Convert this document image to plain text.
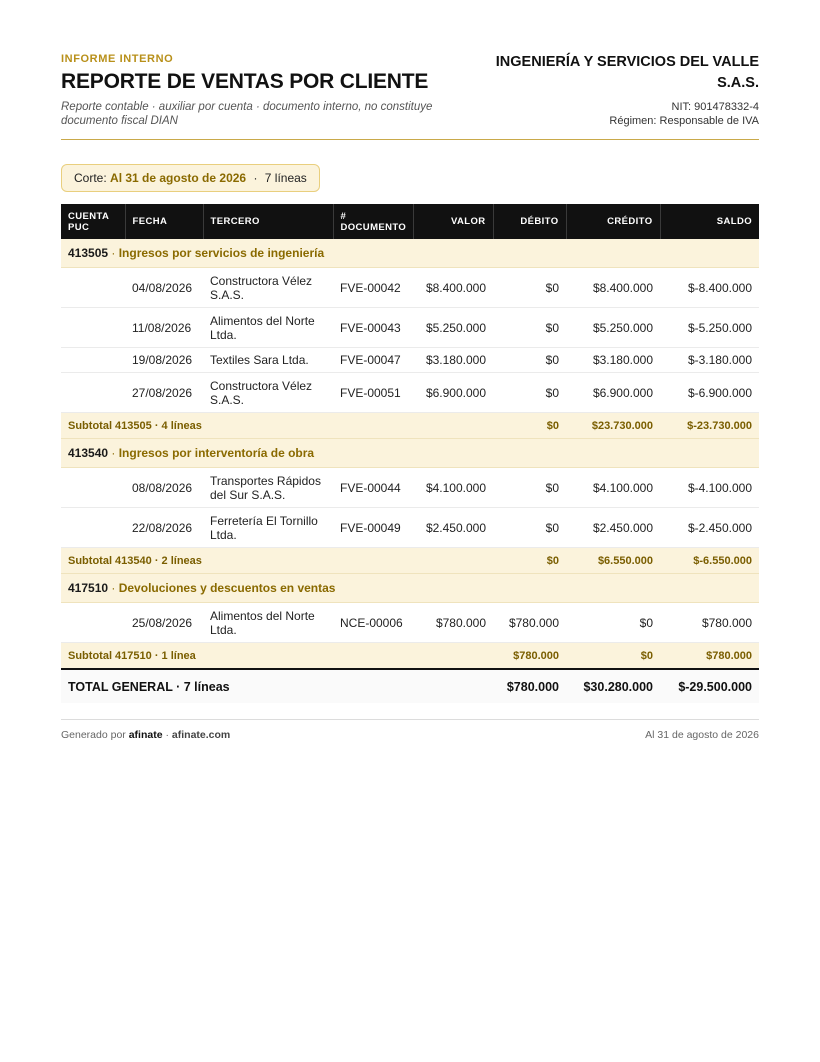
INFORME INTERNO
REPORTE DE VENTAS POR CLIENTE
Reporte contable · auxiliar por cuenta · documento interno, no constituye documento fiscal DIAN
INGENIERÍA Y SERVICIOS DEL VALLE S.A.S.
NIT: 901478332-4
Régimen: Responsable de IVA
Corte: Al 31 de agosto de 2026 · 7 líneas
CUENTA PUC	FECHA	TERCERO	# DOCUMENTO	VALOR	DÉBITO	CRÉDITO	SALDO
413505 · Ingresos por servicios de ingeniería							
	04/08/2026	Constructora Vélez S.A.S.	FVE-00042	$8.400.000	$0	$8.400.000	$-8.400.000
	11/08/2026	Alimentos del Norte Ltda.	FVE-00043	$5.250.000	$0	$5.250.000	$-5.250.000
	19/08/2026	Textiles Sara Ltda.	FVE-00047	$3.180.000	$0	$3.180.000	$-3.180.000
	27/08/2026	Constructora Vélez S.A.S.	FVE-00051	$6.900.000	$0	$6.900.000	$-6.900.000
Subtotal 413505 · 4 líneas					$0	$23.730.000	$-23.730.000
413540 · Ingresos por interventoría de obra							
	08/08/2026	Transportes Rápidos del Sur S.A.S.	FVE-00044	$4.100.000	$0	$4.100.000	$-4.100.000
	22/08/2026	Ferretería El Tornillo Ltda.	FVE-00049	$2.450.000	$0	$2.450.000	$-2.450.000
Subtotal 413540 · 2 líneas					$0	$6.550.000	$-6.550.000
417510 · Devoluciones y descuentos en ventas							
	25/08/2026	Alimentos del Norte Ltda.	NCE-00006	$780.000	$780.000	$0	$780.000
Subtotal 417510 · 1 línea					$780.000	$0	$780.000
TOTAL GENERAL · 7 líneas					$780.000	$30.280.000	$-29.500.000
Generado por afinate · afinate.com	Al 31 de agosto de 2026
